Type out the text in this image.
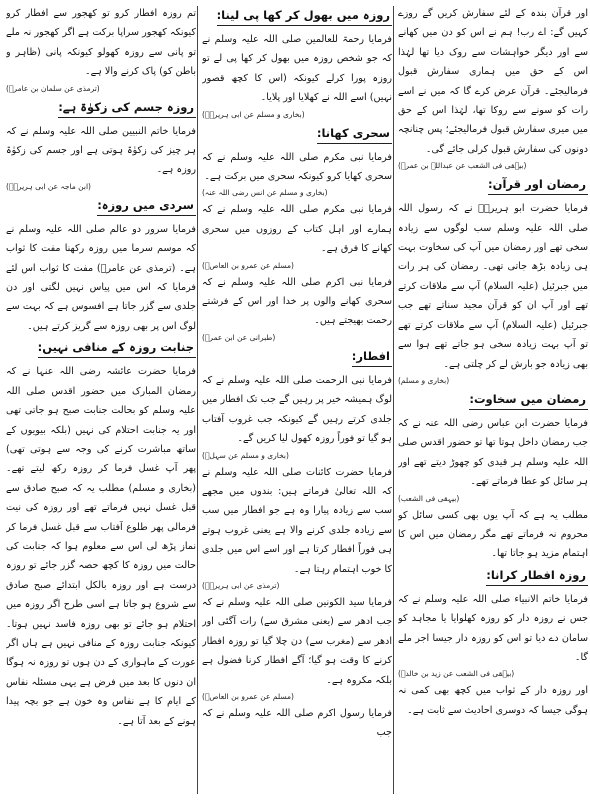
اور قرآن بندہ کے لئے سفارش کریں گے روزے کہیں گے: اے رب! ہم نے اس کو دن میں کھانے سے اور دیگر خواہشات سے روک دیا تھا لہٰذا اس کے حق میں ہماری سفارش قبول فرمالیجئے۔ قرآن عرض کرے گا کہ میں نے اسے رات کو سونے سے روکا تھا، لہٰذا اس کے حق میں میری سفارش قبول فرمالیجئے؛ پس چنانچہ دونوں کی سفارش قبول کرلی جائے گی۔

(بیہقی فی الشعب عن عبداللہ بن عمرؓ)

رمضان اور قرآن:

فرمایا حضرت ابو ہریرہؓ نے کہ رسول اللہ صلی اللہ علیہ وسلم سب لوگوں سے زیادہ سخی تھے اور رمضان میں آپ کی سخاوت بہت ہی زیادہ بڑھ جاتی تھی۔ رمضان کی ہر رات میں جبرئیل (علیہ السلام) آپ سے ملاقات کرتے تھے اور آپ ان کو قرآن مجید سناتے تھے جب جبرئیل (علیہ السلام) آپ سے ملاقات کرتے تھے تو آپ بہت زیادہ سخی ہو جاتے تھے ہوا سے بھی زیادہ جو بارش لے کر چلتی ہے۔

(بخاری و مسلم)

رمضان میں سخاوت:

فرمایا حضرت ابن عباس رضی اللہ عنہ نے کہ جب رمضان داخل ہوتا تھا تو حضور اقدس صلی اللہ علیہ وسلم ہر قیدی کو چھوڑ دیتے تھے اور ہر سائل کو عطا فرماتے تھے۔

(بیہقی فی الشعب)

مطلب یہ ہے کہ آپ یوں بھی کسی سائل کو محروم نہ فرماتے تھے مگر رمضان میں اس کا اہتمام مزید ہو جاتا تھا۔

روزہ افطار کرانا:

فرمایا خاتم الانبیاء صلی اللہ علیہ وسلم نے کہ جس نے روزہ دار کو روزہ کھلوایا یا مجاہد کو سامان دے دیا تو اس کو روزہ دار جیسا اجر ملے گا۔

(بیہقی فی الشعب عن زید بن خالدؓ)

اور روزہ دار کے ثواب میں کچھ بھی کمی نہ ہوگی جیسا کہ دوسری احادیث سے ثابت ہے۔

روزہ میں بھول کر کھا پی لینا:

فرمایا رحمۃ للعالمین صلی اللہ علیہ وسلم نے کہ جو شخص روزہ میں بھول کر کھا پی لے تو روزہ پورا کرلے کیونکہ (اس کا کچھ قصور نہیں) اسے اللہ نے کھلایا اور پلایا۔

(بخاری و مسلم عن ابی ہریرہؓ)

سحری کھانا:

فرمایا نبی مکرم صلی اللہ علیہ وسلم نے کہ سحری کھایا کرو کیونکہ سحری میں برکت ہے۔

(بخاری و مسلم عن انس رضی اللہ عنہ)

فرمایا نبی مکرم صلی اللہ علیہ وسلم نے کہ ہمارے اور اہل کتاب کے روزوں میں سحری کھانے کا فرق ہے۔

(مسلم عن عمرو بن العاصؓ)

فرمایا نبی اکرم صلی اللہ علیہ وسلم نے کہ سحری کھانے والوں پر خدا اور اس کے فرشتے رحمت بھیجتے ہیں۔

(طبرانی عن ابن عمرؓ)

افطار:

فرمایا نبی الرحمت صلی اللہ علیہ وسلم نے کہ لوگ ہمیشہ خیر پر رہیں گے جب تک افطار میں جلدی کرتے رہیں گے کیونکہ جب غروب آفتاب ہو گیا تو فوراً روزہ کھول لیا کریں گے۔

(بخاری و مسلم عن سہلؓ)

فرمایا حضرت کائنات صلی اللہ علیہ وسلم نے کہ اللہ تعالیٰ فرماتے ہیں: بندوں میں مجھے سب سے زیادہ پیارا وہ ہے جو افطار میں سب سے زیادہ جلدی کرنے والا ہے یعنی غروب ہوتے ہی فوراً افطار کرتا ہے اور اسے اس میں جلدی کا خوب اہتمام رہتا ہے۔

(ترمذی عن ابی ہریرہؓ)

فرمایا سید الکونین صلی اللہ علیہ وسلم نے کہ جب ادھر سے (یعنی مشرق سے) رات آگئی اور ادھر سے (مغرب سے) دن چلا گیا تو روزہ افطار کرنے کا وقت ہو گیا؛ آگے افطار کرنا فضول ہے بلکہ مکروہ ہے۔

(مسلم عن عمرو بن العاصؓ)

فرمایا رسول اکرم صلی اللہ علیہ وسلم نے کہ جب

تم روزہ افطار کرو تو کھجور سے افطار کرو کیونکہ کھجور سراپا برکت ہے اگر کھجور نہ ملے تو پانی سے روزہ کھولو کیونکہ پانی (ظاہر و باطن کو) پاک کرنے والا ہے۔

(ترمذی عن سلمان بن عامرؓ)

روزہ جسم کی زکوٰۃ ہے:

فرمایا خاتم النبیین صلی اللہ علیہ وسلم نے کہ ہر چیز کی زکوٰۃ ہوتی ہے اور جسم کی زکوٰۃ روزہ ہے۔

(ابن ماجہ عن ابی ہریرہؓ)

سردی میں روزہ:

فرمایا سرور دو عالم صلی اللہ علیہ وسلم نے کہ موسم سرما میں روزہ رکھنا مفت کا ثواب ہے۔ (ترمذی عن عامرؓ) مفت کا ثواب اس لئے فرمایا کہ اس میں پیاس نہیں لگتی اور دن جلدی سے گزر جاتا ہے افسوس ہے کہ بہت سے لوگ اس پر بھی روزہ سے گریز کرتے ہیں۔

جنابت روزہ کے منافی نہیں:

فرمایا حضرت عائشہ رضی اللہ عنہا نے کہ رمضان المبارک میں حضور اقدس صلی اللہ علیہ وسلم کو بحالت جنابت صبح ہو جاتی تھی اور یہ جنابت احتلام کی نہیں (بلکہ بیویوں کے ساتھ مباشرت کرنے کی وجہ سے ہوتی تھی) پھر آپ غسل فرما کر روزہ رکھ لیتے تھے۔ (بخاری و مسلم) مطلب یہ کہ صبح صادق سے قبل غسل نہیں فرماتے تھے اور روزہ کی نیت فرمالی پھر طلوع آفتاب سے قبل غسل فرما کر نماز پڑھ لی اس سے معلوم ہوا کہ جنابت کی حالت میں روزہ کا کچھ حصہ گزر جائے تو روزہ درست ہے اور روزہ بالکل ابتدائے صبح صادق سے شروع ہو جاتا ہے اسی طرح اگر روزہ میں احتلام ہو جائے تو بھی روزہ فاسد نہیں ہوتا۔ کیونکہ جنابت روزہ کے منافی نہیں ہے ہاں اگر عورت کے ماہواری کے دن ہوں تو روزہ نہ ہوگا ان دنوں کا بعد میں فرض ہے یہی مسئلہ نفاس کے ایام کا ہے نفاس وہ خون ہے جو بچہ پیدا ہونے کے بعد آتا ہے۔
